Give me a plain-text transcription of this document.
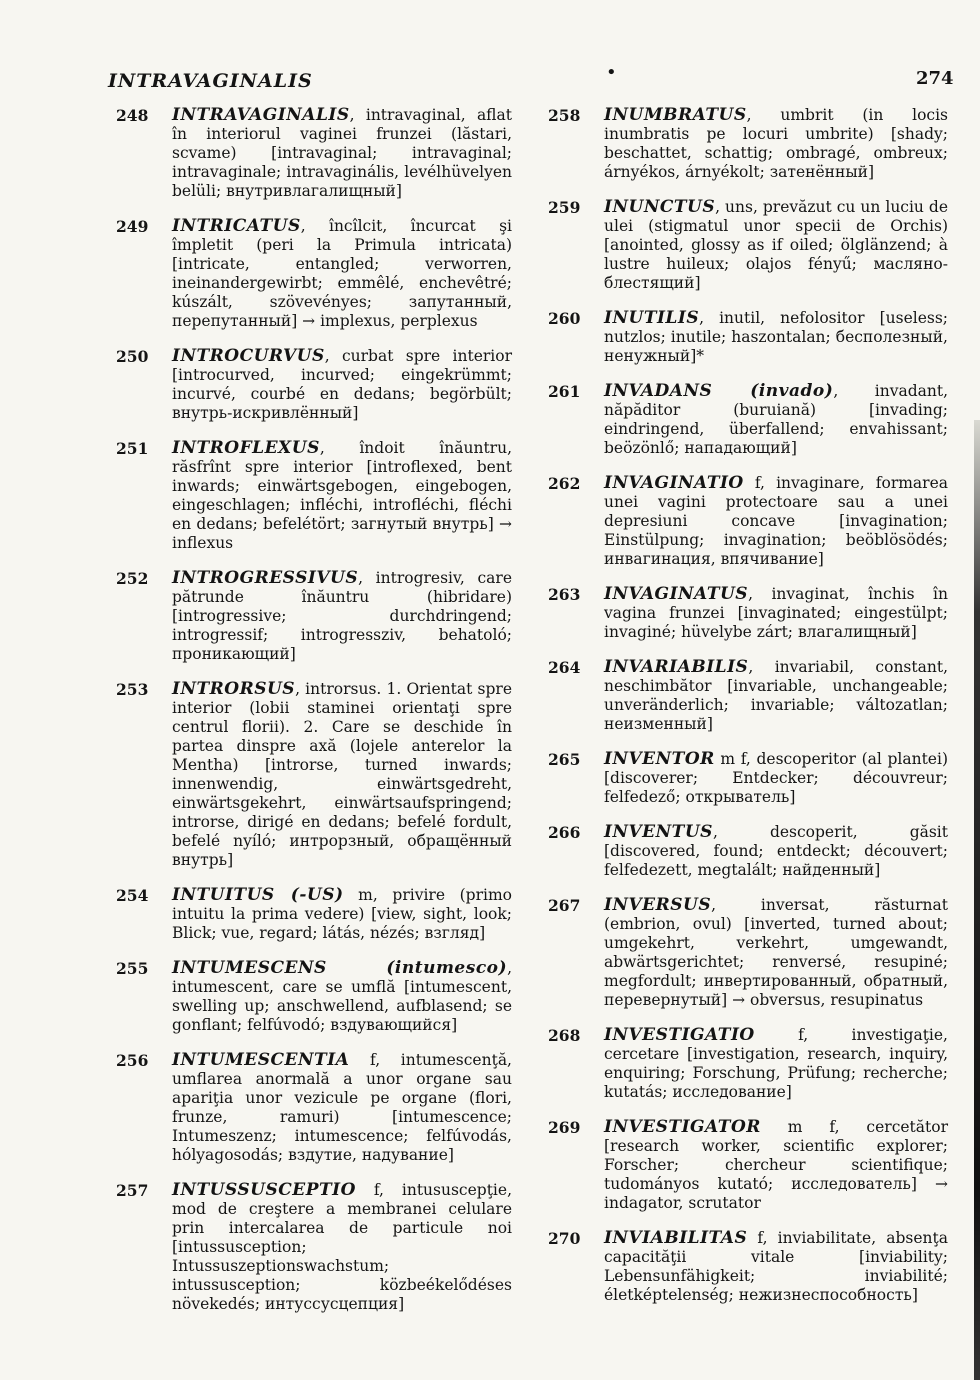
INTRAVAGINALIS	•	274
248	INTRAVAGINALIS, intravaginal, aflat în interiorul vaginei frunzei (lăstari, scvame) [intravaginal; intravaginal; intravaginale; intravaginális, levélhüvelyen belüli; внутривлагалищный]
249	INTRICATUS, încîlcit, încurcat şi împletit (peri la Primula intricata) [intricate, entangled; verworren, ineinandergewirbt; emmêlé, enchevêtré; kúszált, szövevényes; запутанный, перепутанный] → implexus, perplexus
250	INTROCURVUS, curbat spre interior [introcurved, incurved; eingekrümmt; incurvé, courbé en dedans; begörbült; внутрь-искривлённый]
251	INTROFLEXUS, îndoit înăuntru, răsfrînt spre interior [introflexed, bent inwards; einwärtsgebogen, eingebogen, eingeschlagen; infléchi, introfléchi, fléchi en dedans; befelétört; загнутый внутрь] → inflexus
252	INTROGRESSIVUS, introgresiv, care pătrunde înăuntru (hibridare) [introgressive; durchdringend; introgressif; introgressziv, behatoló; проникающий]
253	INTRORSUS, introrsus. 1. Orientat spre interior (lobii staminei orientaţi spre centrul florii). 2. Care se deschide în partea dinspre axă (lojele anterelor la Mentha) [introrse, turned inwards; innenwendig, einwärtsgedreht, einwärtsgekehrt, einwärtsaufspringend; introrse, dirigé en dedans; befelé fordult, befelé nyíló; интрорзный, обращённый внутрь]
254	INTUITUS (-US) m, privire (primo intuitu la prima vedere) [view, sight, look; Blick; vue, regard; látás, nézés; взгляд]
255	INTUMESCENS (intumesco), intumescent, care se umflă [intumescent, swelling up; anschwellend, aufblasend; se gonflant; felfúvodó; вздувающийся]
256	INTUMESCENTIA f, intumescenţă, umflarea anormală a unor organe sau apariţia unor vezicule pe organe (flori, frunze, ramuri) [intumescence; Intumeszenz; intumescence; felfúvodás, hólyagosodás; вздутие, надувание]
257	INTUSSUSCEPTIO f, intususcepţie, mod de creştere a membranei celulare prin intercalarea de particule noi [intussusception; Intussuszeptionswachstum; intussusception; közbeékelődéses növekedés; интуссусцепция]
258	INUMBRATUS, umbrit (in locis inumbratis pe locuri umbrite) [shady; beschattet, schattig; ombragé, ombreux; árnyékos, árnyékolt; затенённый]
259	INUNCTUS, uns, prevăzut cu un luciu de ulei (stigmatul unor specii de Orchis) [anointed, glossy as if oiled; ölglänzend; à lustre huileux; olajos fényű; масляно-блестящий]
260	INUTILIS, inutil, nefolositor [useless; nutzlos; inutile; haszontalan; бесполезный, ненужный]*
261	INVADANS (invado), invadant, năpăditor (buruiană) [invading; eindringend, überfallend; envahissant; beözönlő; нападающий]
262	INVAGINATIO f, invaginare, formarea unei vagini protectoare sau a unei depresiuni concave [invagination; Einstülpung; invagination; beöblösödés; инвагинация, впячивание]
263	INVAGINATUS, invaginat, închis în vagina frunzei [invaginated; eingestülpt; invaginé; hüvelybe zárt; влагалищный]
264	INVARIABILIS, invariabil, constant, neschimbător [invariable, unchangeable; unveränderlich; invariable; változatlan; неизменный]
265	INVENTOR m f, descoperitor (al plantei) [discoverer; Entdecker; découvreur; felfedező; открыватель]
266	INVENTUS, descoperit, găsit [discovered, found; entdeckt; découvert; felfedezett, megtalált; найденный]
267	INVERSUS, inversat, răsturnat (embrion, ovul) [inverted, turned about; umgekehrt, verkehrt, umgewandt, abwärtsgerichtet; renversé, resupiné; megfordult; инвертированный, обратный, перевернутый] → obversus, resupinatus
268	INVESTIGATIO f, investigaţie, cercetare [investigation, research, inquiry, enquiring; Forschung, Prüfung; recherche; kutatás; исследование]
269	INVESTIGATOR m f, cercetător [research worker, scientific explorer; Forscher; chercheur scientifique; tudományos kutató; исследователь] → indagator, scrutator
270	INVIABILITAS f, inviabilitate, absenţa capacităţii vitale [inviability; Lebensunfähigkeit; inviabilité; életképtelenség; нежизнеспособность]
